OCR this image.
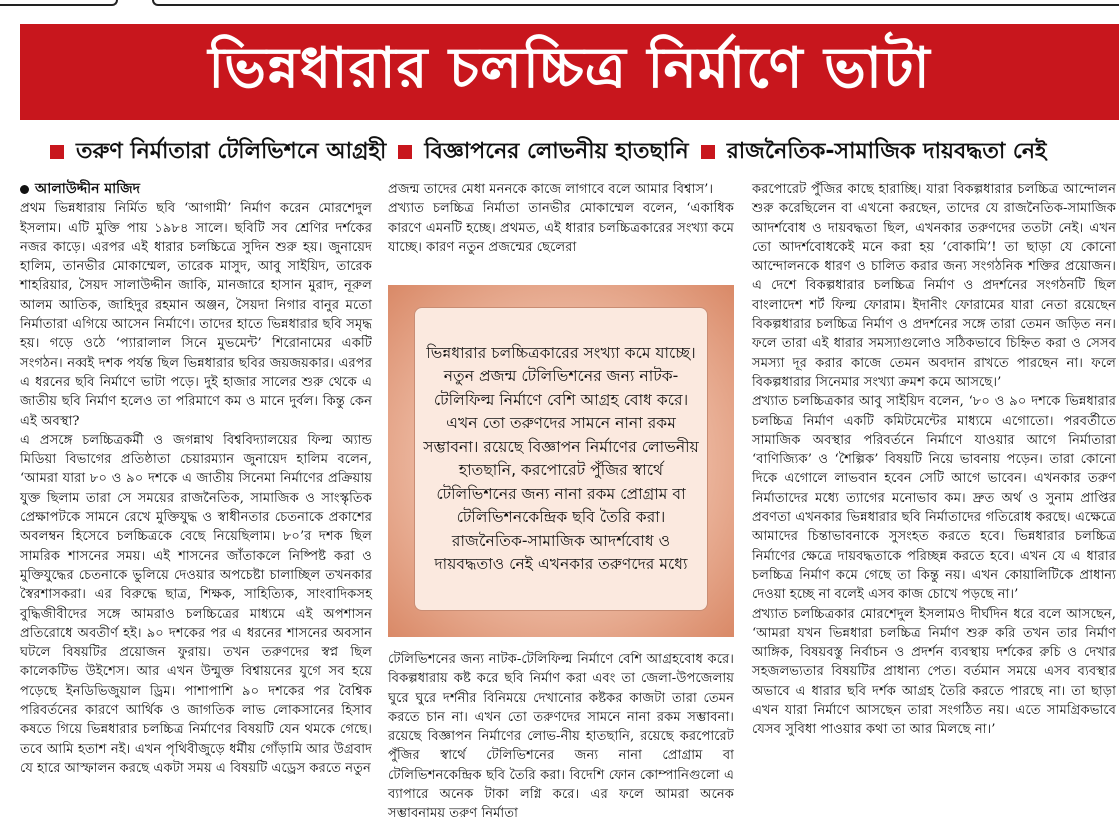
ভিন্নধারার চলচ্চিত্র নির্মাণে ভাটা
তরুণ নির্মাতারা টেলিভিশনে আগ্রহী বিজ্ঞাপনের লোভনীয় হাতছানি রাজনৈতিক-সামাজিক দায়বদ্ধতা নেই
আলাউদ্দীন মাজিদ

প্রথম ভিন্নধারায় নির্মিত ছবি ‘আগামী’ নির্মাণ করেন মোরশেদুল ইসলাম। এটি মুক্তি পায় ১৯৮৪ সালে। ছবিটি সব শ্রেণির দর্শকের নজর কাড়ে। এরপর এই ধারার চলচ্চিত্রে সুদিন শুরু হয়। জুনায়েদ হালিম, তানভীর মোকাম্মেল, তারেক মাসুদ, আবু সাইয়িদ, তারেক শাহরিয়ার, সৈয়দ সালাউদ্দীন জাকি, মানজারে হাসান মুরাদ, নূরুল আলম আতিক, জাহিদুর রহমান অঞ্জন, সৈয়দা নিগার বানুর মতো নির্মাতারা এগিয়ে আসেন নির্মাণে। তাদের হাতে ভিন্নধারার ছবি সমৃদ্ধ হয়। গড়ে ওঠে ‘প্যারালাল সিনে মুভমেন্ট’ শিরোনামের একটি সংগঠন। নব্বই দশক পর্যন্ত ছিল ভিন্নধারার ছবির জয়জয়কার। এরপর এ ধরনের ছবি নির্মাণে ভাটা পড়ে। দুই হাজার সালের শুরু থেকে এ জাতীয় ছবি নির্মাণ হলেও তা পরিমাণে কম ও মানে দুর্বল। কিন্তু কেন এই অবস্থা?

এ প্রসঙ্গে চলচ্চিত্রকর্মী ও জগন্নাথ বিশ্ববিদ্যালয়ের ফিল্ম অ্যান্ড মিডিয়া বিভাগের প্রতিষ্ঠাতা চেয়ারম্যান জুনায়েদ হালিম বলেন, ‘আমরা যারা ৮০ ও ৯০ দশকে এ জাতীয় সিনেমা নির্মাণের প্রক্রিয়ায় যুক্ত ছিলাম তারা সে সময়ের রাজনৈতিক, সামাজিক ও সাংস্কৃতিক প্রেক্ষাপটকে সামনে রেখে মুক্তিযুদ্ধ ও স্বাধীনতার চেতনাকে প্রকাশের অবলম্বন হিসেবে চলচ্চিত্রকে বেছে নিয়েছিলাম। ৮০’র দশক ছিল সামরিক শাসনের সময়। এই শাসনের জাঁতাকলে নিষ্পিষ্ট করা ও মুক্তিযুদ্ধের চেতনাকে ভুলিয়ে দেওয়ার অপচেষ্টা চালাচ্ছিল তখনকার স্বৈরশাসকরা। এর বিরুদ্ধে ছাত্র, শিক্ষক, সাহিত্যিক, সাংবাদিকসহ বুদ্ধিজীবীদের সঙ্গে আমরাও চলচ্চিত্রের মাধ্যমে এই অপশাসন প্রতিরোধে অবতীর্ণ হই। ৯০ দশকের পর এ ধরনের শাসনের অবসান ঘটলে বিষয়টির প্রয়োজন ফুরায়। তখন তরুণদের স্বপ্ন ছিল কালেকটিভ উইশেস। আর এখন উন্মুক্ত বিশ্বায়নের যুগে সব হয়ে পড়েছে ইনডিভিজুয়াল ড্রিম। পাশাপাশি ৯০ দশকের পর বৈশ্বিক পরিবর্তনের কারণে আর্থিক ও জাগতিক লাভ লোকসানের হিসাব কষতে গিয়ে ভিন্নধারার চলচ্চিত্র নির্মাণের বিষয়টি যেন থমকে গেছে। তবে আমি হতাশ নই। এখন পৃথিবীজুড়ে ধর্মীয় গোঁড়ামি আর উগ্রবাদ যে হারে আস্ফালন করছে একটা সময় এ বিষয়টি এড্রেস করতে নতুন

প্রজন্ম তাদের মেধা মননকে কাজে লাগাবে বলে আমার বিশ্বাস’।

প্রখ্যাত চলচ্চিত্র নির্মাতা তানভীর মোকাম্মেল বলেন, ‘একাধিক কারণে এমনটি হচ্ছে। প্রথমত, এই ধারার চলচ্চিত্রকারের সংখ্যা কমে যাচ্ছে। কারণ নতুন প্রজন্মের ছেলেরা

ভিন্নধারার চলচ্চিত্রকারের সংখ্যা কমে যাচ্ছে। নতুন প্রজন্ম টেলিভিশনের জন্য নাটক-টেলিফিল্ম নির্মাণে বেশি আগ্রহ বোধ করে। এখন তো তরুণদের সামনে নানা রকম সম্ভাবনা। রয়েছে বিজ্ঞাপন নির্মাণের লোভনীয় হাতছানি, করপোরেট পুঁজির স্বার্থে টেলিভিশনের জন্য নানা রকম প্রোগ্রাম বা টেলিভিশনকেন্দ্রিক ছবি তৈরি করা। রাজনৈতিক-সামাজিক আদর্শবোধ ও দায়বদ্ধতাও নেই এখনকার তরুণদের মধ্যে

টেলিভিশনের জন্য নাটক-টেলিফিল্ম নির্মাণে বেশি আগ্রহবোধ করে। বিকল্পধারায় কষ্ট করে ছবি নির্মাণ করা এবং তা জেলা-উপজেলায় ঘুরে ঘুরে দর্শনীর বিনিময়ে দেখানোর কষ্টকর কাজটা তারা তেমন করতে চান না। এখন তো তরুণদের সামনে নানা রকম সম্ভাবনা। রয়েছে বিজ্ঞাপন নির্মাণের লোভ-নীয় হাতছানি, রয়েছে করপোরেট পুঁজির স্বার্থে টেলিভিশনের জন্য নানা প্রোগ্রাম বা টেলিভিশনকেন্দ্রিক ছবি তৈরি করা। বিদেশি ফোন কোম্পানিগুলো এ ব্যাপারে অনেক টাকা লগ্নি করে। এর ফলে আমরা অনেক সম্ভাবনাময় তরুণ নির্মাতা

করপোরেট পুঁজির কাছে হারাচ্ছি। যারা বিকল্পধারার চলচ্চিত্র আন্দোলন শুরু করেছিলেন বা এখনো করছেন, তাদের যে রাজনৈতিক-সামাজিক আদর্শবোধ ও দায়বদ্ধতা ছিল, এখনকার তরুণদের ততটা নেই। এখন তো আদর্শবোধকেই মনে করা হয় ‘বোকামি’! তা ছাড়া যে কোনো আন্দোলনকে ধারণ ও চালিত করার জন্য সংগঠনিক শক্তির প্রয়োজন। এ দেশে বিকল্পধারার চলচ্চিত্র নির্মাণ ও প্রদর্শনের সংগঠনটি ছিল বাংলাদেশ শর্ট ফিল্ম ফোরাম। ইদানীং ফোরামের যারা নেতা রয়েছেন বিকল্পধারার চলচ্চিত্র নির্মাণ ও প্রদর্শনের সঙ্গে তারা তেমন জড়িত নন। ফলে তারা এই ধারার সমস্যাগুলোও সঠিকভাবে চিহ্নিত করা ও সেসব সমস্যা দূর করার কাজে তেমন অবদান রাখতে পারছেন না। ফলে বিকল্পধারার সিনেমার সংখ্যা ক্রমশ কমে আসছে।’

প্রখ্যাত চলচ্চিত্রকার আবু সাইয়িদ বলেন, ‘৮০ ও ৯০ দশকে ভিন্নধারার চলচ্চিত্র নির্মাণ একটি কমিটমেন্টের মাধ্যমে এগোতো। পরবর্তীতে সামাজিক অবস্থার পরিবর্তনে নির্মাণে যাওয়ার আগে নির্মাতারা ‘বাণিজ্যিক’ ও ‘শৈল্পিক’ বিষয়টি নিয়ে ভাবনায় পড়েন। তারা কোনো দিকে এগোলে লাভবান হবেন সেটি আগে ভাবেন। এখনকার তরুণ নির্মাতাদের মধ্যে ত্যাগের মনোভাব কম। দ্রুত অর্থ ও সুনাম প্রাপ্তির প্রবণতা এখনকার ভিন্নধারার ছবি নির্মাতাদের গতিরোধ করছে। এক্ষেত্রে আমাদের চিন্তাভাবনাকে সুসংহত করতে হবে। ভিন্নধারার চলচ্চিত্র নির্মাণের ক্ষেত্রে দায়বদ্ধতাকে পরিচ্ছন্ন করতে হবে। এখন যে এ ধারার চলচ্চিত্র নির্মাণ কমে গেছে তা কিন্তু নয়। এখন কোয়ালিটিকে প্রাধান্য দেওয়া হচ্ছে না বলেই এসব কাজ চোখে পড়ছে না।’

প্রখ্যাত চলচ্চিত্রকার মোরশেদুল ইসলামও দীর্ঘদিন ধরে বলে আসছেন, ‘আমরা যখন ভিন্নধারা চলচ্চিত্র নির্মাণ শুরু করি তখন তার নির্মাণ আঙ্গিক, বিষয়বস্তু নির্বাচন ও প্রদর্শন ব্যবস্থায় দর্শকের রুচি ও দেখার সহজলভ্যতার বিষয়টির প্রাধান্য পেত। বর্তমান সময়ে এসব ব্যবস্থার অভাবে এ ধারার ছবি দর্শক আগ্রহ তৈরি করতে পারছে না। তা ছাড়া এখন যারা নির্মাণে আসছেন তারা সংগঠিত নয়। এতে সামগ্রিকভাবে যেসব সুবিধা পাওয়ার কথা তা আর মিলছে না।’
